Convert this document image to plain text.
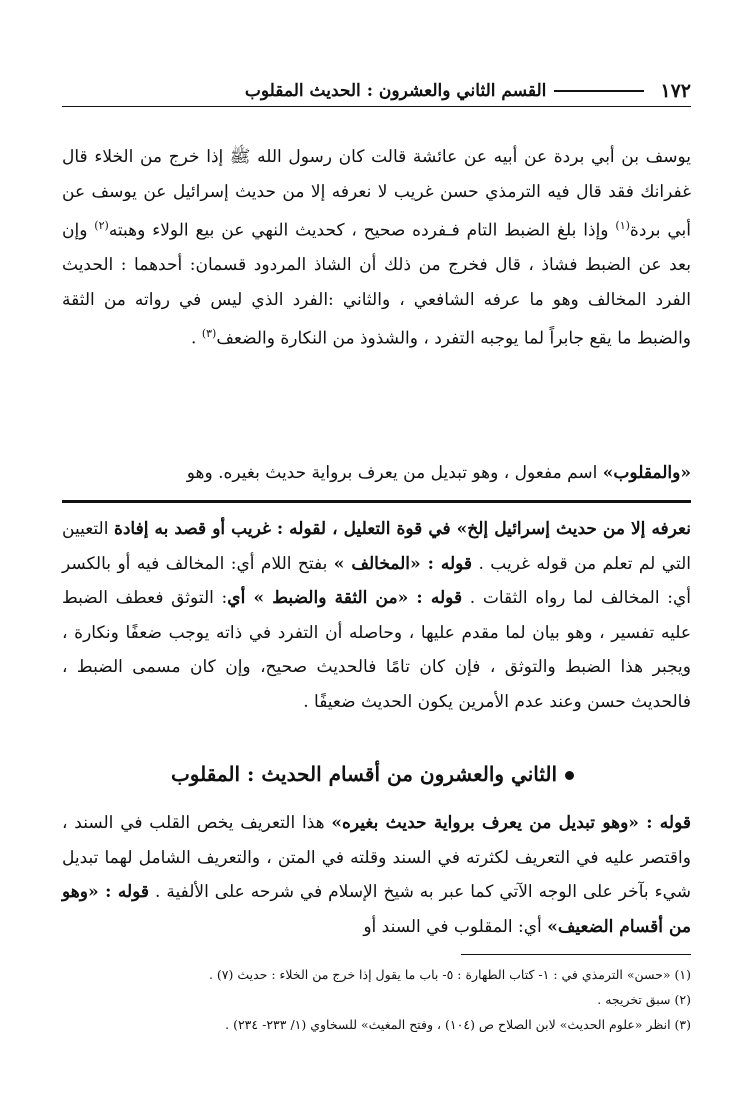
١٧٢
القسم الثاني والعشرون : الحديث المقلوب
يوسف بن أبي بردة عن أبيه عن عائشة قالت كان رسول الله ﷺ إذا خرج من الخلاء قال غفرانك فقد قال فيه الترمذي حسن غريب لا نعرفه إلا من حديث إسرائيل عن يوسف عن أبي بردة$^{(١)}$ وإذا بلغ الضبط التام فـفرده صحيح ، كحديث النهي عن بيع الولاء وهبته$^{(٢)}$ وإن بعد عن الضبط فشاذ ، قال فخرج من ذلك أن الشاذ المردود قسمان: أحدهما : الحديث الفرد المخالف وهو ما عرفه الشافعي ، والثاني :الفرد الذي ليس في رواته من الثقة والضبط ما يقع جابراً لما يوجبه التفرد ، والشذوذ من النكارة والضعف$^{(٣)}$ .
«والمقلوب» اسم مفعول ، وهو تبديل من يعرف برواية حديث بغيره. وهو
نعرفه إلا من حديث إسرائيل إلخ» في قوة التعليل ، لقوله : غريب أو قصد به إفادة التعيين التي لم تعلم من قوله غريب . قوله : «المخالف » بفتح اللام أي: المخالف فيه أو بالكسر أي: المخالف لما رواه الثقات . قوله : «من الثقة والضبط » أي: التوثق فعطف الضبط عليه تفسير ، وهو بيان لما مقدم عليها ، وحاصله أن التفرد في ذاته يوجب ضعفًا ونكارة ، ويجبر هذا الضبط والتوثق ، فإن كان تامًا فالحديث صحيح، وإن كان مسمى الضبط ، فالحديث حسن وعند عدم الأمرين يكون الحديث ضعيفًا .
الثاني والعشرون من أقسام الحديث : المقلوب
قوله : «وهو تبديل من يعرف برواية حديث بغيره» هذا التعريف يخص القلب في السند ، واقتصر عليه في التعريف لكثرته في السند وقلته في المتن ، والتعريف الشامل لهما تبديل شيء بآخر على الوجه الآتي كما عبر به شيخ الإسلام في شرحه على الألفية . قوله : «وهو من أقسام الضعيف» أي: المقلوب في السند أو
(١) «حسن» الترمذي في : ١- كتاب الطهارة : ٥- باب ما يقول إذا خرج من الخلاء : حديث (٧) .
(٢) سبق تخريجه .
(٣) انظر «علوم الحديث» لابن الصلاح ص (١٠٤) ، وفتح المغيث» للسخاوي (١/ ٢٣٣- ٢٣٤) .
